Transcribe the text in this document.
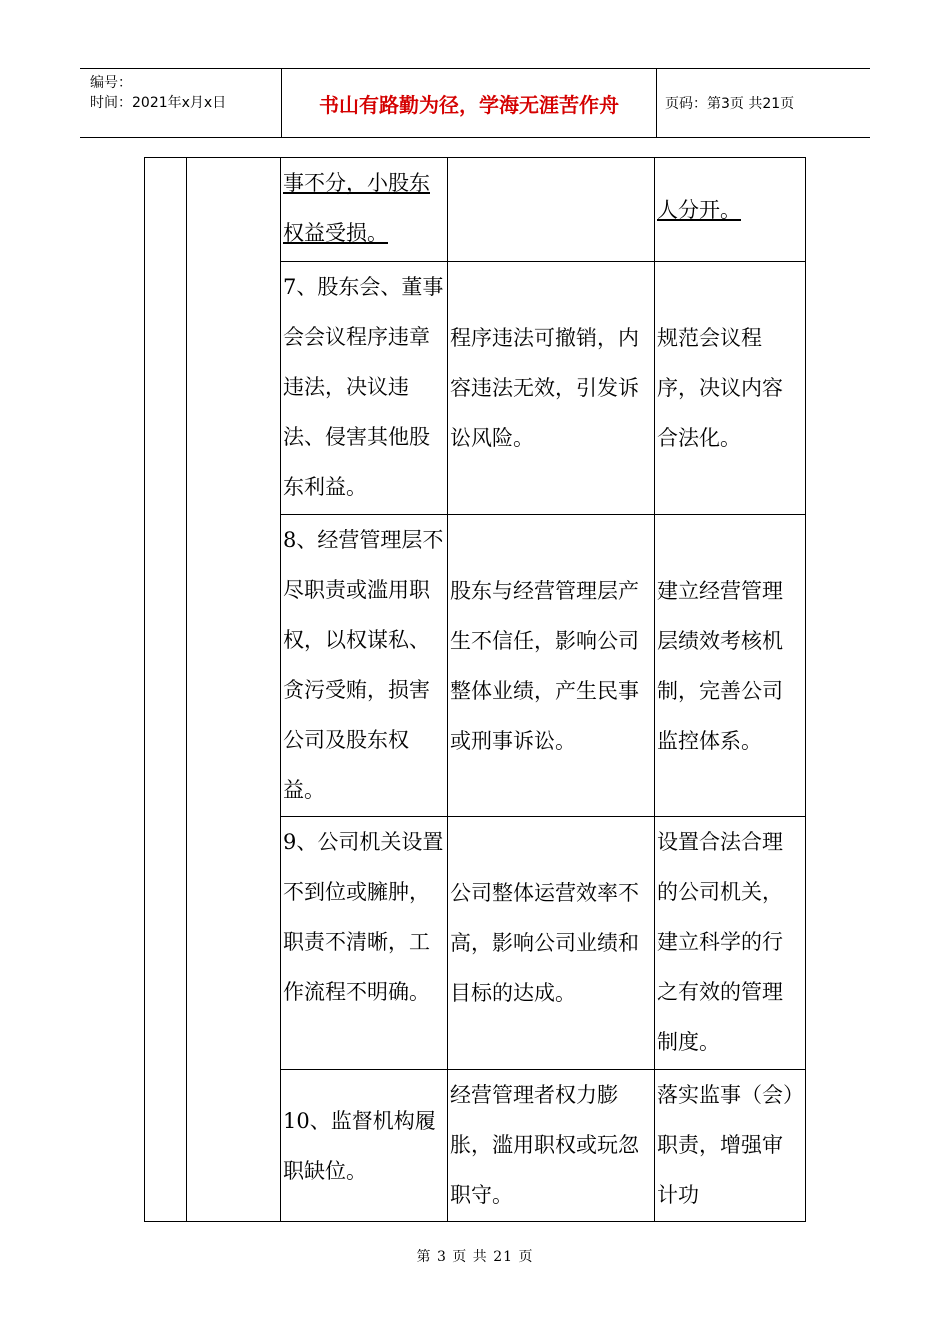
编号：
时间：2021年x月x日	书山有路勤为径，学海无涯苦作舟	页码：第3页 共21页
		事不分，小股东权益受损。		人分开。
		7、股东会、董事会会议程序违章违法，决议违法、侵害其他股东利益。	程序违法可撤销，内容违法无效，引发诉讼风险。	规范会议程序，决议内容合法化。
		8、经营管理层不尽职责或滥用职权，以权谋私、贪污受贿，损害公司及股东权益。	股东与经营管理层产生不信任，影响公司整体业绩，产生民事或刑事诉讼。	建立经营管理层绩效考核机制，完善公司监控体系。
		9、公司机关设置不到位或臃肿，职责不清晰，工作流程不明确。	公司整体运营效率不高，影响公司业绩和目标的达成。	设置合法合理的公司机关，建立科学的行之有效的管理制度。
		10、监督机构履职缺位。	经营管理者权力膨胀，滥用职权或玩忽职守。	落实监事（会）职责，增强审计功
第 3 页 共 21 页
